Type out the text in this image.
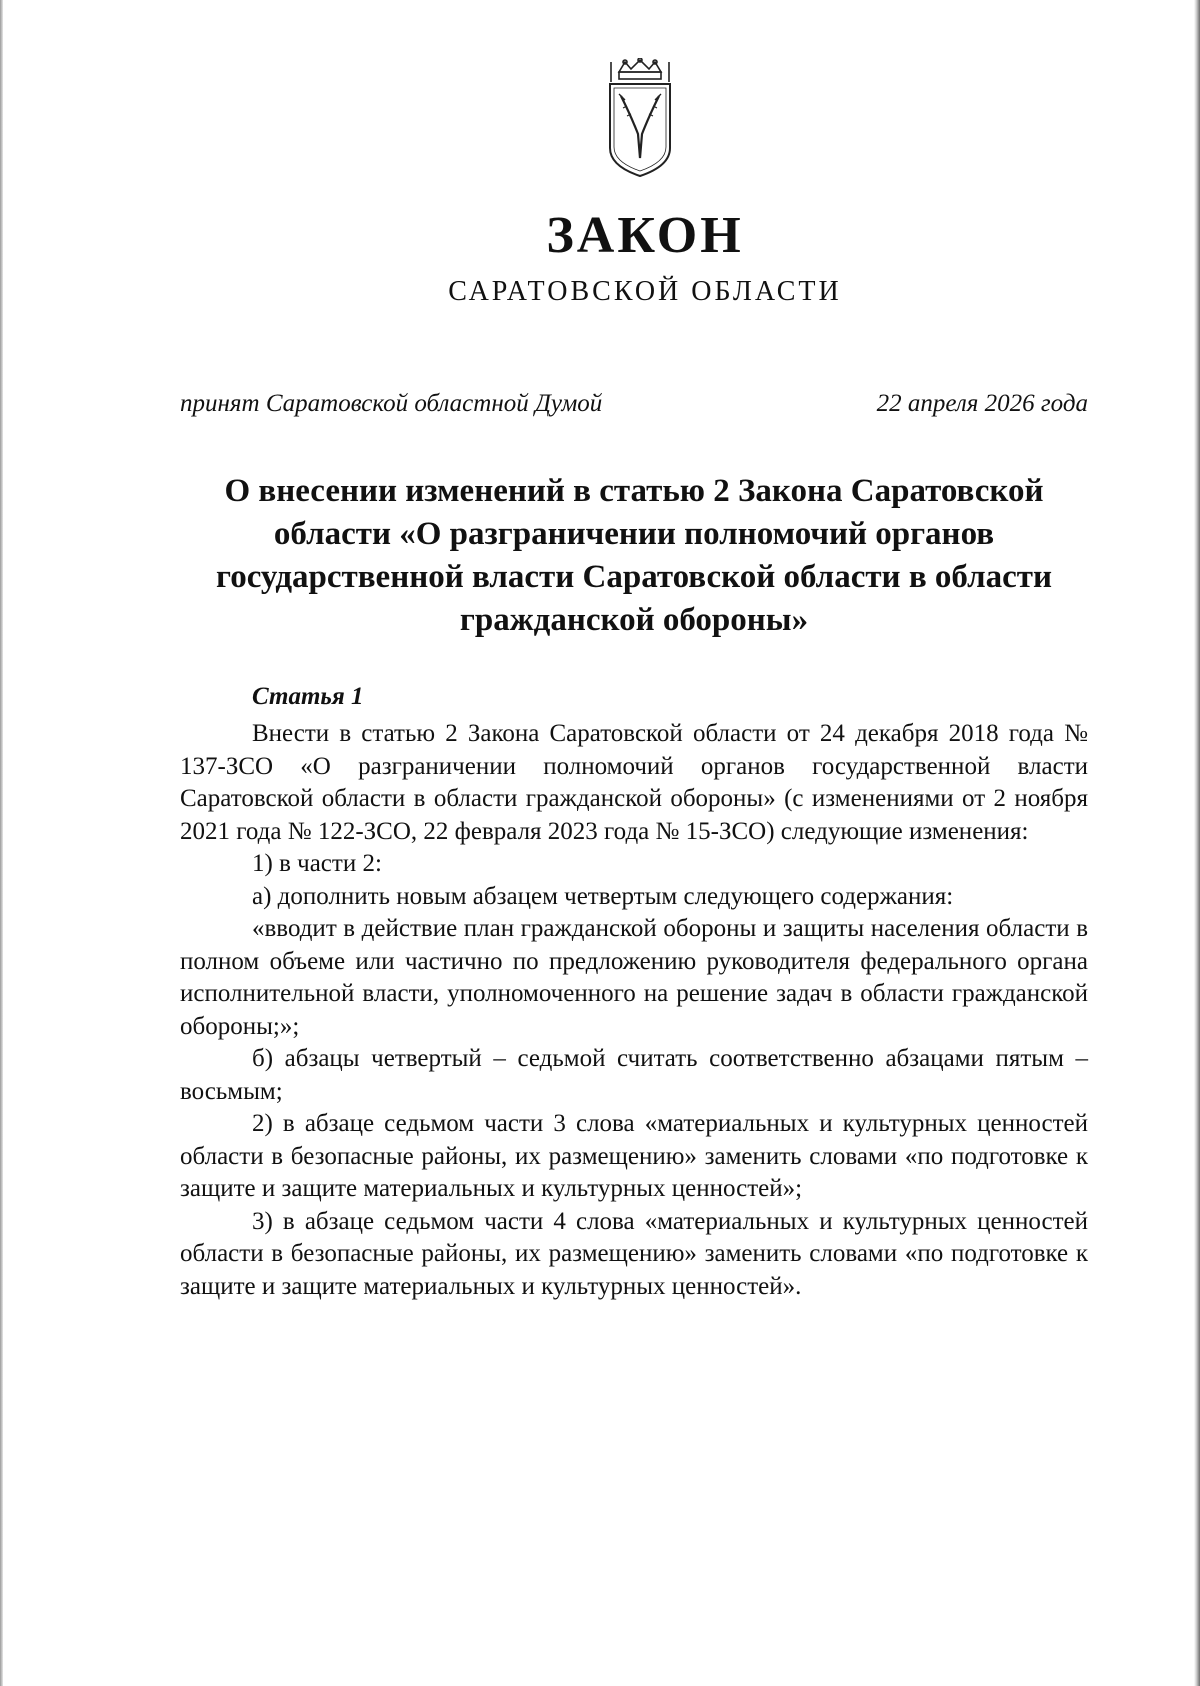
ЗАКОН
САРАТОВСКОЙ ОБЛАСТИ
принят Саратовской областной Думой	22 апреля 2026 года
О внесении изменений в статью 2 Закона Саратовской области «О разграничении полномочий органов государственной власти Саратовской области в области гражданской обороны»
Статья 1

Внести в статью 2 Закона Саратовской области от 24 декабря 2018 года № 137-ЗСО «О разграничении полномочий органов государственной власти Саратовской области в области гражданской обороны» (с изменениями от 2 ноября 2021 года № 122-ЗСО, 22 февраля 2023 года № 15-ЗСО) следующие изменения:

1) в части 2:

а) дополнить новым абзацем четвертым следующего содержания:

«вводит в действие план гражданской обороны и защиты населения области в полном объеме или частично по предложению руководителя федерального органа исполнительной власти, уполномоченного на решение задач в области гражданской обороны;»;

б) абзацы четвертый – седьмой считать соответственно абзацами пятым – восьмым;

2) в абзаце седьмом части 3 слова «материальных и культурных ценностей области в безопасные районы, их размещению» заменить словами «по подготовке к защите и защите материальных и культурных ценностей»;

3) в абзаце седьмом части 4 слова «материальных и культурных ценностей области в безопасные районы, их размещению» заменить словами «по подготовке к защите и защите материальных и культурных ценностей».
